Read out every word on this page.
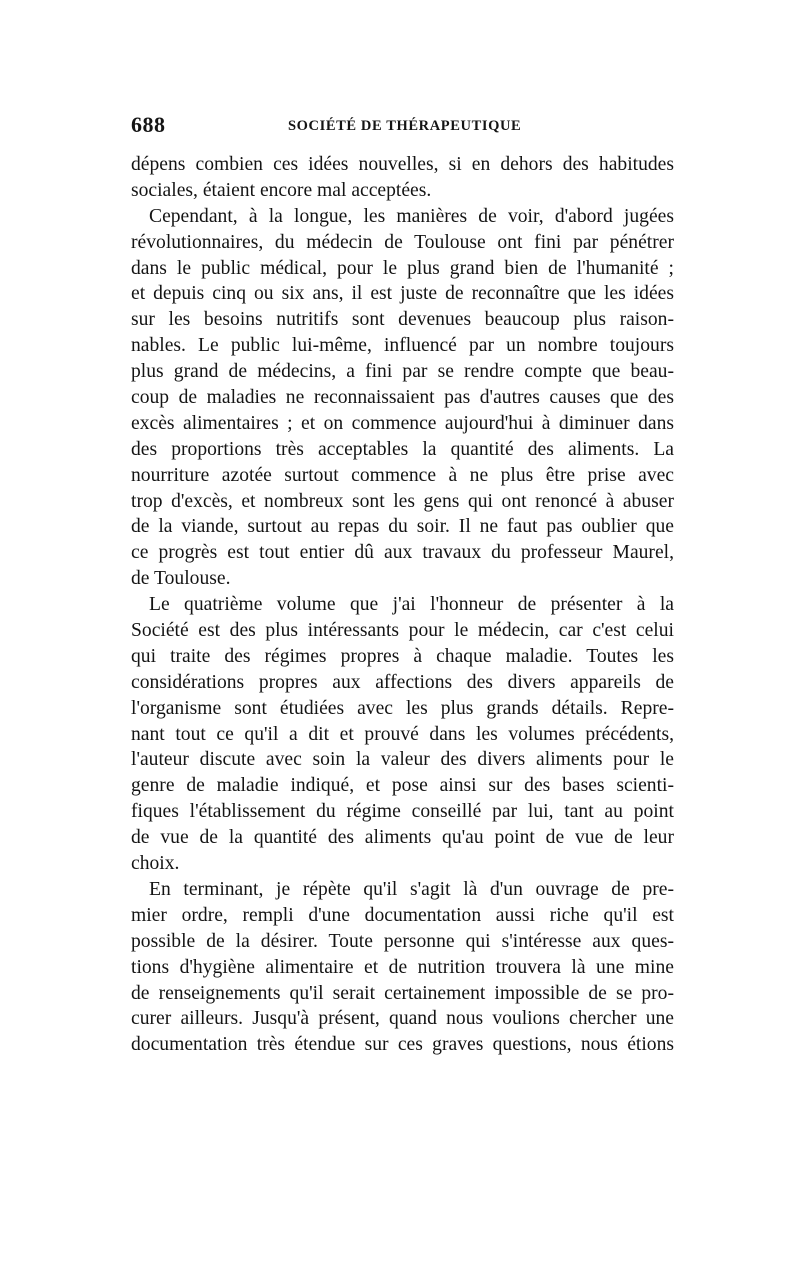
688	SOCIÉTÉ DE THÉRAPEUTIQUE
dépens combien ces idées nouvelles, si en dehors des habitudes
sociales, étaient encore mal acceptées.
Cependant, à la longue, les manières de voir, d'abord jugées
révolutionnaires, du médecin de Toulouse ont fini par pénétrer
dans le public médical, pour le plus grand bien de l'humanité ;
et depuis cinq ou six ans, il est juste de reconnaître que les idées
sur les besoins nutritifs sont devenues beaucoup plus raison-
nables. Le public lui-même, influencé par un nombre toujours
plus grand de médecins, a fini par se rendre compte que beau-
coup de maladies ne reconnaissaient pas d'autres causes que des
excès alimentaires ; et on commence aujourd'hui à diminuer dans
des proportions très acceptables la quantité des aliments. La
nourriture azotée surtout commence à ne plus être prise avec
trop d'excès, et nombreux sont les gens qui ont renoncé à abuser
de la viande, surtout au repas du soir. Il ne faut pas oublier que
ce progrès est tout entier dû aux travaux du professeur Maurel,
de Toulouse.
Le quatrième volume que j'ai l'honneur de présenter à la
Société est des plus intéressants pour le médecin, car c'est celui
qui traite des régimes propres à chaque maladie. Toutes les
considérations propres aux affections des divers appareils de
l'organisme sont étudiées avec les plus grands détails. Repre-
nant tout ce qu'il a dit et prouvé dans les volumes précédents,
l'auteur discute avec soin la valeur des divers aliments pour le
genre de maladie indiqué, et pose ainsi sur des bases scienti-
fiques l'établissement du régime conseillé par lui, tant au point
de vue de la quantité des aliments qu'au point de vue de leur
choix.
En terminant, je répète qu'il s'agit là d'un ouvrage de pre-
mier ordre, rempli d'une documentation aussi riche qu'il est
possible de la désirer. Toute personne qui s'intéresse aux ques-
tions d'hygiène alimentaire et de nutrition trouvera là une mine
de renseignements qu'il serait certainement impossible de se pro-
curer ailleurs. Jusqu'à présent, quand nous voulions chercher une
documentation très étendue sur ces graves questions, nous étions
